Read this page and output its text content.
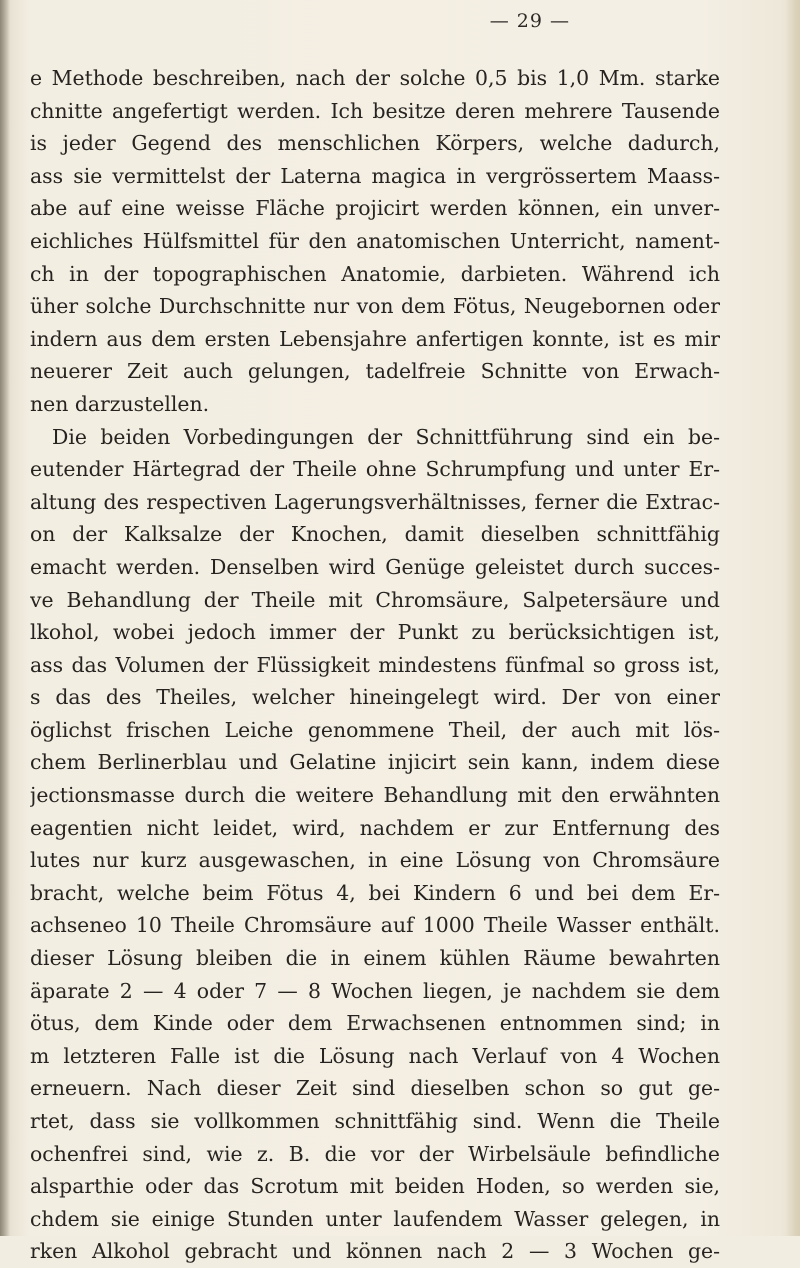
— 29 —
e Methode beschreiben, nach der solche 0,5 bis 1,0 Mm. starke
chnitte angefertigt werden. Ich besitze deren mehrere Tausende
is jeder Gegend des menschlichen Körpers, welche dadurch,
ass sie vermittelst der Laterna magica in vergrössertem Maass-
abe auf eine weisse Fläche projicirt werden können, ein unver-
eichliches Hülfsmittel für den anatomischen Unterricht, nament-
ch in der topographischen Anatomie, darbieten. Während ich
üher solche Durchschnitte nur von dem Fötus, Neugebornen oder
indern aus dem ersten Lebensjahre anfertigen konnte, ist es mir
neuerer Zeit auch gelungen, tadelfreie Schnitte von Erwach-
nen darzustellen.
Die beiden Vorbedingungen der Schnittführung sind ein be-
eutender Härtegrad der Theile ohne Schrumpfung und unter Er-
altung des respectiven Lagerungsverhältnisses, ferner die Extrac-
on der Kalksalze der Knochen, damit dieselben schnittfähig
emacht werden. Denselben wird Genüge geleistet durch succes-
ve Behandlung der Theile mit Chromsäure, Salpetersäure und
lkohol, wobei jedoch immer der Punkt zu berücksichtigen ist,
ass das Volumen der Flüssigkeit mindestens fünfmal so gross ist,
s das des Theiles, welcher hineingelegt wird. Der von einer
öglichst frischen Leiche genommene Theil, der auch mit lös-
chem Berlinerblau und Gelatine injicirt sein kann, indem diese
jectionsmasse durch die weitere Behandlung mit den erwähnten
eagentien nicht leidet, wird, nachdem er zur Entfernung des
lutes nur kurz ausgewaschen, in eine Lösung von Chromsäure
bracht, welche beim Fötus 4, bei Kindern 6 und bei dem Er-
achseneo 10 Theile Chromsäure auf 1000 Theile Wasser enthält.
dieser Lösung bleiben die in einem kühlen Räume bewahrten
äparate 2 — 4 oder 7 — 8 Wochen liegen, je nachdem sie dem
ötus, dem Kinde oder dem Erwachsenen entnommen sind; in
m letzteren Falle ist die Lösung nach Verlauf von 4 Wochen
erneuern. Nach dieser Zeit sind dieselben schon so gut ge-
rtet, dass sie vollkommen schnittfähig sind. Wenn die Theile
ochenfrei sind, wie z. B. die vor der Wirbelsäule befindliche
alsparthie oder das Scrotum mit beiden Hoden, so werden sie,
chdem sie einige Stunden unter laufendem Wasser gelegen, in
rken Alkohol gebracht und können nach 2 — 3 Wochen ge-
